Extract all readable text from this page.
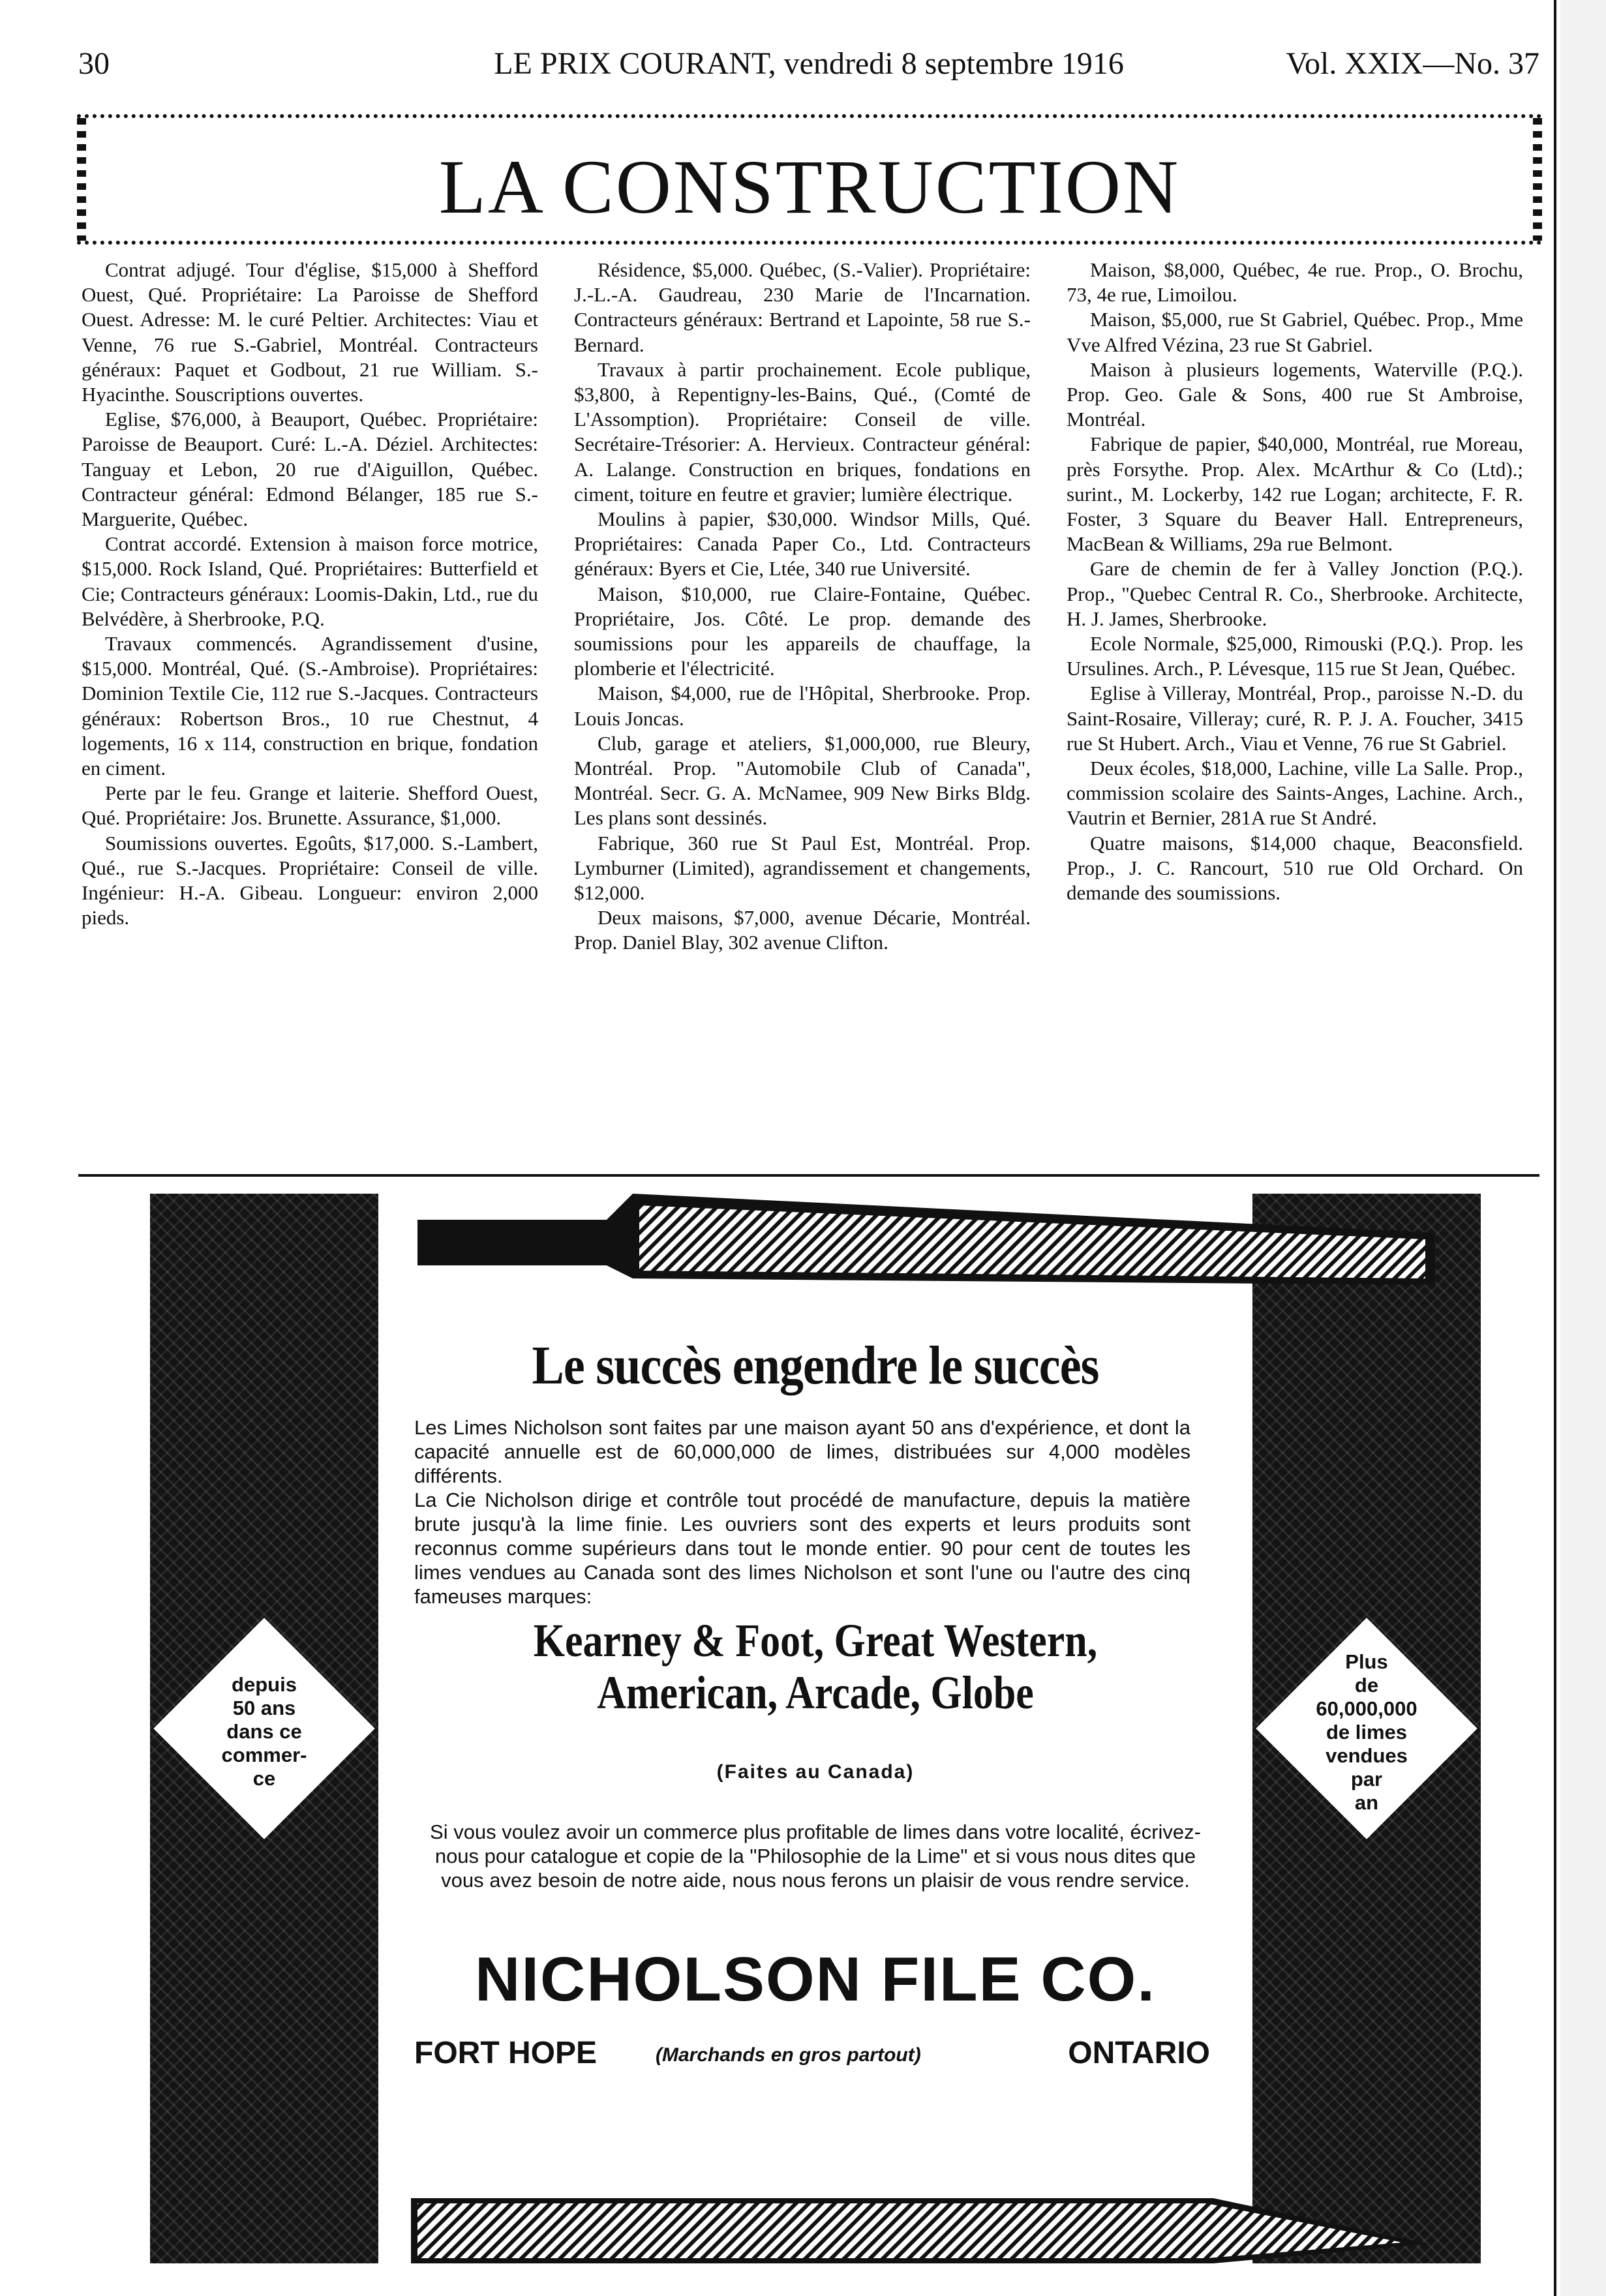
30	LE PRIX COURANT, vendredi 8 septembre 1916	Vol. XXIX—No. 37
LA CONSTRUCTION

Contrat adjugé. Tour d'église, $15,000 à Shefford Ouest, Qué. Propriétaire: La Paroisse de Shefford Ouest. Adresse: M. le curé Peltier. Architectes: Viau et Venne, 76 rue S.-Gabriel, Montréal. Contracteurs généraux: Paquet et Godbout, 21 rue William. S.-Hyacinthe. Souscriptions ouvertes.

Eglise, $76,000, à Beauport, Québec. Propriétaire: Paroisse de Beauport. Curé: L.-A. Déziel. Architectes: Tanguay et Lebon, 20 rue d'Aiguillon, Québec. Contracteur général: Edmond Bélanger, 185 rue S.-Marguerite, Québec.

Contrat accordé. Extension à maison force motrice, $15,000. Rock Island, Qué. Propriétaires: Butterfield et Cie; Contracteurs généraux: Loomis-Dakin, Ltd., rue du Belvédère, à Sherbrooke, P.Q.

Travaux commencés. Agrandissement d'usine, $15,000. Montréal, Qué. (S.-Ambroise). Propriétaires: Dominion Textile Cie, 112 rue S.-Jacques. Contracteurs généraux: Robertson Bros., 10 rue Chestnut, 4 logements, 16 x 114, construction en brique, fondation en ciment.

Perte par le feu. Grange et laiterie. Shefford Ouest, Qué. Propriétaire: Jos. Brunette. Assurance, $1,000.

Soumissions ouvertes. Egoûts, $17,000. S.-Lambert, Qué., rue S.-Jacques. Propriétaire: Conseil de ville. Ingénieur: H.-A. Gibeau. Longueur: environ 2,000 pieds.

Résidence, $5,000. Québec, (S.-Valier). Propriétaire: J.-L.-A. Gaudreau, 230 Marie de l'Incarnation. Contracteurs généraux: Bertrand et Lapointe, 58 rue S.-Bernard.

Travaux à partir prochainement. Ecole publique, $3,800, à Repentigny-les-Bains, Qué., (Comté de L'Assomption). Propriétaire: Conseil de ville. Secrétaire-Trésorier: A. Hervieux. Contracteur général: A. Lalange. Construction en briques, fondations en ciment, toiture en feutre et gravier; lumière électrique.

Moulins à papier, $30,000. Windsor Mills, Qué. Propriétaires: Canada Paper Co., Ltd. Contracteurs généraux: Byers et Cie, Ltée, 340 rue Université.

Maison, $10,000, rue Claire-Fontaine, Québec. Propriétaire, Jos. Côté. Le prop. demande des soumissions pour les appareils de chauffage, la plomberie et l'électricité.

Maison, $4,000, rue de l'Hôpital, Sherbrooke. Prop. Louis Joncas.

Club, garage et ateliers, $1,000,000, rue Bleury, Montréal. Prop. "Automobile Club of Canada", Montréal. Secr. G. A. McNamee, 909 New Birks Bldg. Les plans sont dessinés.

Fabrique, 360 rue St Paul Est, Montréal. Prop. Lymburner (Limited), agrandissement et changements, $12,000.

Deux maisons, $7,000, avenue Décarie, Montréal. Prop. Daniel Blay, 302 avenue Clifton.

Maison, $8,000, Québec, 4e rue. Prop., O. Brochu, 73, 4e rue, Limoilou.

Maison, $5,000, rue St Gabriel, Québec. Prop., Mme Vve Alfred Vézina, 23 rue St Gabriel.

Maison à plusieurs logements, Waterville (P.Q.). Prop. Geo. Gale & Sons, 400 rue St Ambroise, Montréal.

Fabrique de papier, $40,000, Montréal, rue Moreau, près Forsythe. Prop. Alex. McArthur & Co (Ltd).; surint., M. Lockerby, 142 rue Logan; architecte, F. R. Foster, 3 Square du Beaver Hall. Entrepreneurs, MacBean & Williams, 29a rue Belmont.

Gare de chemin de fer à Valley Jonction (P.Q.). Prop., "Quebec Central R. Co., Sherbrooke. Architecte, H. J. James, Sherbrooke.

Ecole Normale, $25,000, Rimouski (P.Q.). Prop. les Ursulines. Arch., P. Lévesque, 115 rue St Jean, Québec.

Eglise à Villeray, Montréal, Prop., paroisse N.-D. du Saint-Rosaire, Villeray; curé, R. P. J. A. Foucher, 3415 rue St Hubert. Arch., Viau et Venne, 76 rue St Gabriel.

Deux écoles, $18,000, Lachine, ville La Salle. Prop., commission scolaire des Saints-Anges, Lachine. Arch., Vautrin et Bernier, 281A rue St André.

Quatre maisons, $14,000 chaque, Beaconsfield. Prop., J. C. Rancourt, 510 rue Old Orchard. On demande des soumissions.

depuis
50 ans
dans ce
commer-
ce
Plus
de
60,000,000
de limes
vendues
par
an
Le succès engendre le succès

Les Limes Nicholson sont faites par une maison ayant 50 ans d'expérience, et dont la capacité annuelle est de 60,000,000 de limes, distribuées sur 4,000 modèles différents.

La Cie Nicholson dirige et contrôle tout procédé de manufacture, depuis la matière brute jusqu'à la lime finie. Les ouvriers sont des experts et leurs produits sont reconnus comme supérieurs dans tout le monde entier. 90 pour cent de toutes les limes vendues au Canada sont des limes Nicholson et sont l'une ou l'autre des cinq fameuses marques:

Kearney & Foot, Great Western,
American, Arcade, Globe
(Faites au Canada)
Si vous voulez avoir un commerce plus profitable de limes dans votre localité, écrivez-nous pour catalogue et copie de la "Philosophie de la Lime" et si vous nous dites que vous avez besoin de notre aide, nous nous ferons un plaisir de vous rendre service.
NICHOLSON FILE CO.
FORT HOPE	(Marchands en gros partout)	ONTARIO
